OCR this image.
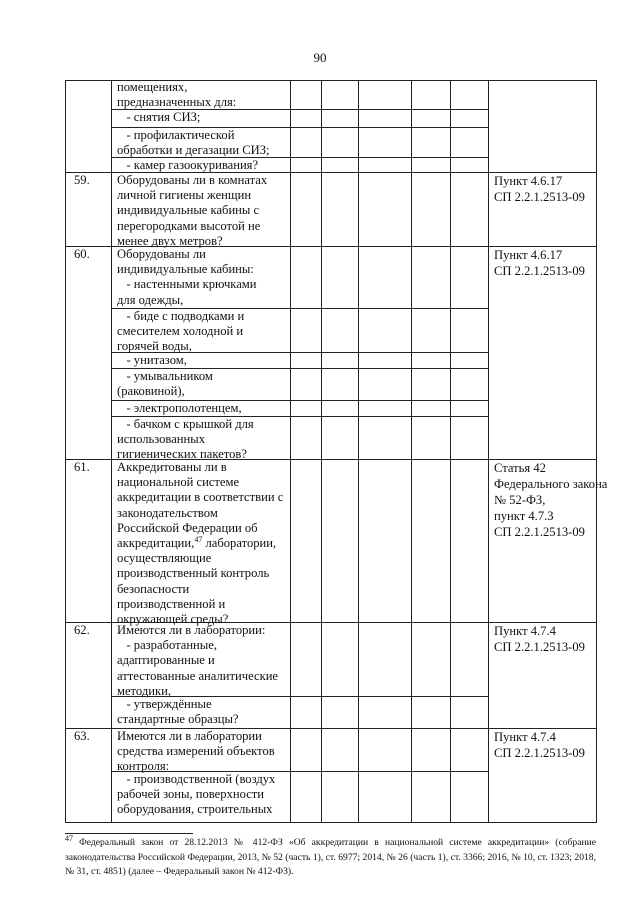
90
помещениях,
предназначенных для:
- снятия СИЗ;
- профилактической
обработки и дегазации СИЗ;
- камер газоокуривания?
59. Оборудованы ли в комнатах
личной гигиены женщин
индивидуальные кабины с
перегородками высотой не
менее двух метров?
Пункт 4.6.17
СП 2.2.1.2513-09
60. Оборудованы ли
индивидуальные кабины:
- настенными крючками
для одежды,
- биде с подводками и
смесителем холодной и
горячей воды,
- унитазом,
- умывальником
(раковиной),
- электрополотенцем,
- бачком с крышкой для
использованных
гигиенических пакетов?
Пункт 4.6.17
СП 2.2.1.2513-09
61. Аккредитованы ли в
национальной системе
аккредитации в соответствии с
законодательством
Российской Федерации об
аккредитации,$^{47}$ лаборатории,
осуществляющие
производственный контроль
безопасности
производственной и
окружающей среды?
Статья 42
Федерального закона
№ 52-ФЗ,
пункт 4.7.3
СП 2.2.1.2513-09
62. Имеются ли в лаборатории:
- разработанные,
адаптированные и
аттестованные аналитические
методики,
- утверждённые
стандартные образцы?
Пункт 4.7.4
СП 2.2.1.2513-09
63. Имеются ли в лаборатории
средства измерений объектов
контроля:
- производственной (воздух
рабочей зоны, поверхности
оборудования, строительных
Пункт 4.7.4
СП 2.2.1.2513-09
$^{47}$ Федеральный закон от 28.12.2013 № 412-ФЗ «Об аккредитации в национальной системе аккредитации» (собрание законодательства Российской Федерации, 2013, № 52 (часть 1), ст. 6977; 2014, № 26 (часть 1), ст. 3366; 2016, № 10, ст. 1323; 2018, № 31, ст. 4851) (далее – Федеральный закон № 412-ФЗ).
